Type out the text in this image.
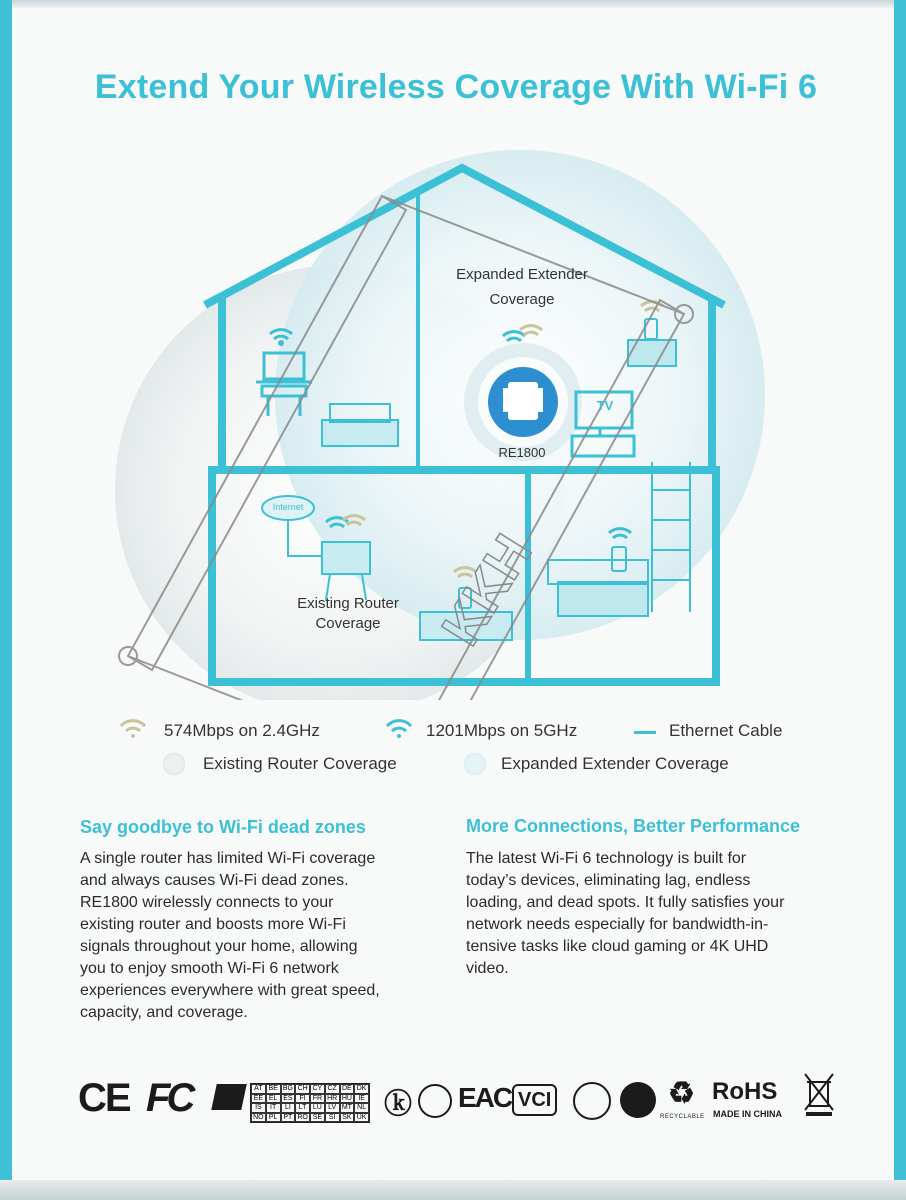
Extend Your Wireless Coverage With Wi-Fi 6
Expanded Extender
Coverage
RE1800
TV
Internet
Existing Router
Coverage KKH
574Mbps on 2.4GHz	1201Mbps on 5GHz	Ethernet Cable
Existing Router Coverage	Expanded Extender Coverage
Say goodbye to Wi-Fi dead zones
A single router has limited Wi-Fi coverage
and always causes Wi-Fi dead zones.
RE1800 wirelessly connects to your
existing router and boosts more Wi-Fi
signals throughout your home, allowing
you to enjoy smooth Wi-Fi 6 network
experiences everywhere with great speed,
capacity, and coverage.
More Connections, Better Performance
The latest Wi-Fi 6 technology is built for
today’s devices, eliminating lag, endless
loading, and dead spots. It fully satisfies your
network needs especially for bandwidth-in-
tensive tasks like cloud gaming or 4K UHD
video.
CE FC	AT BE BG CH CY CZ DE DK
EE EL ES FI FR HR HU IE
IS	IT	LI	LT LU LV MT NL
NO PL PT RO SE SI SK UK ⓚ EAC VCI	♻
RECYCLABLE
RoHS
MADE IN CHINA
